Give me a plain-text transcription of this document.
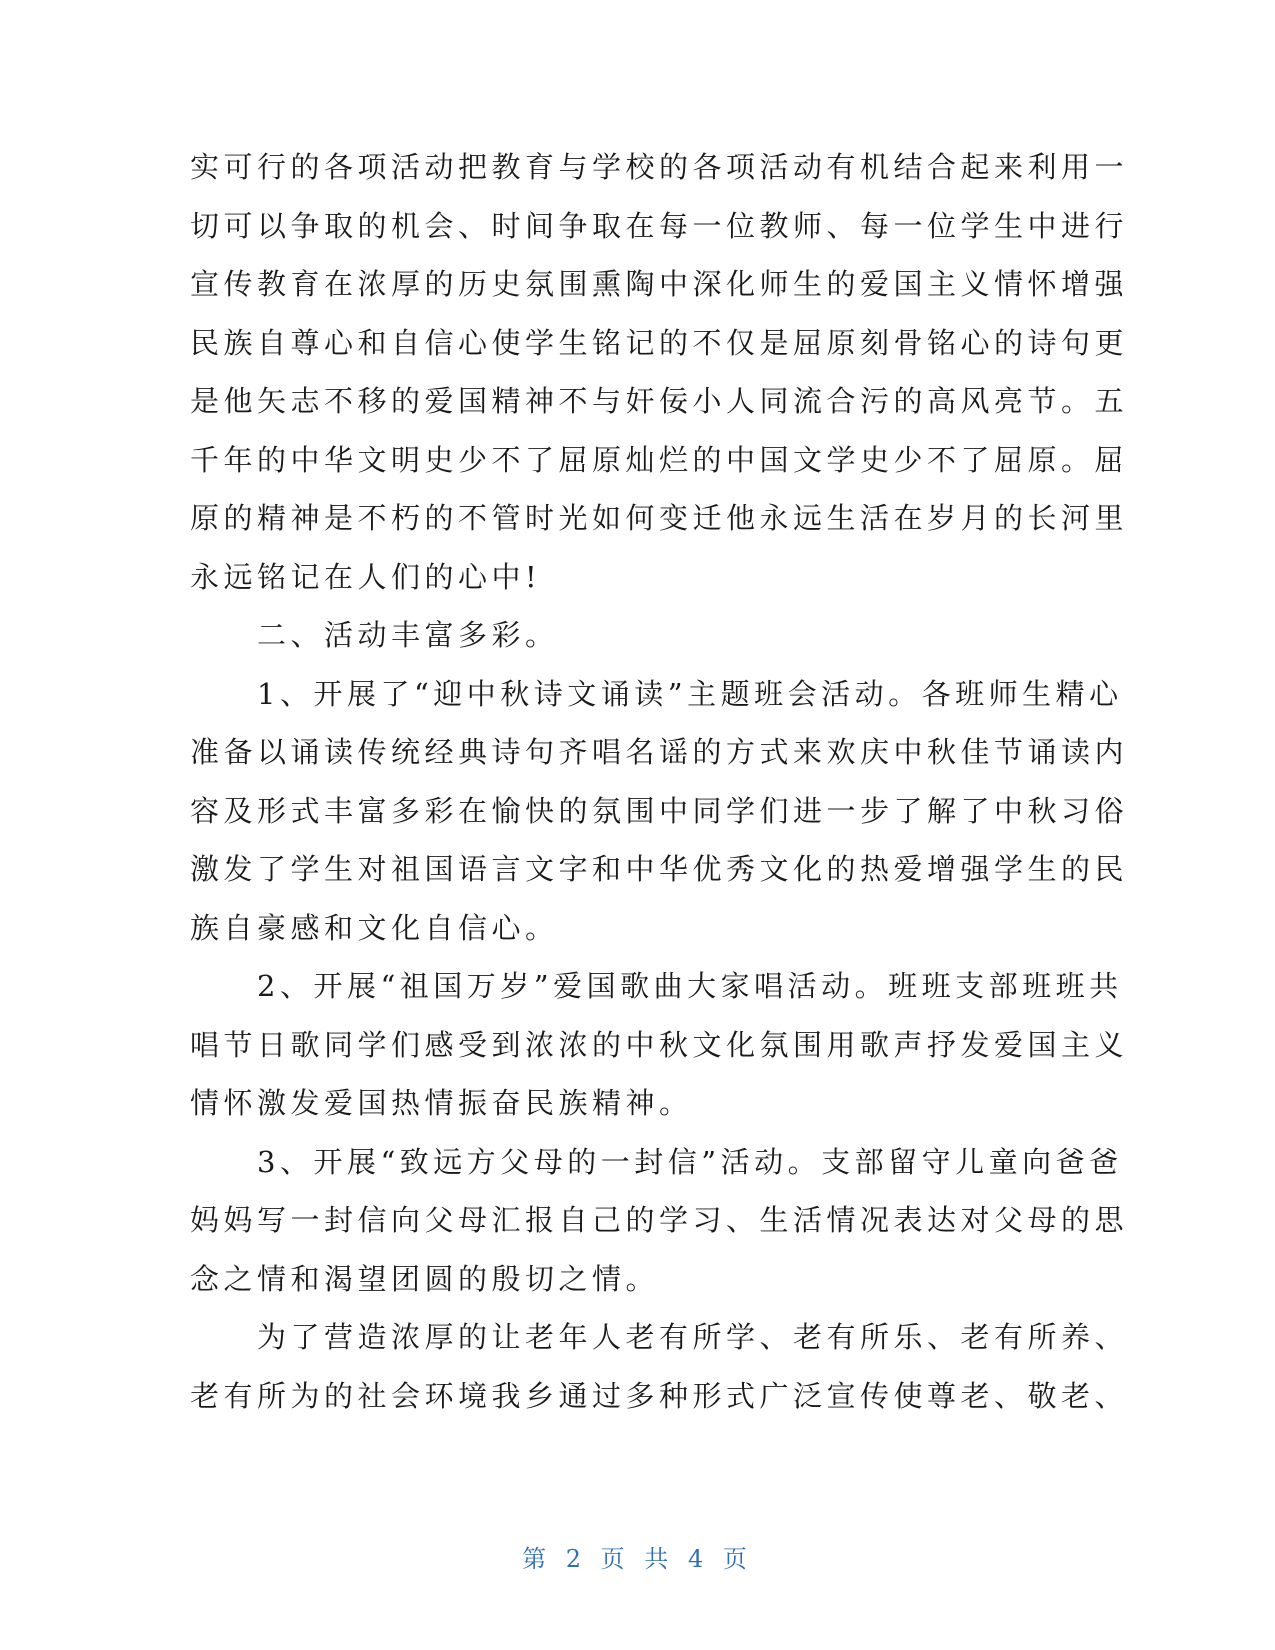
实可行的各项活动把教育与学校的各项活动有机结合起来利用一
切可以争取的机会、时间争取在每一位教师、每一位学生中进行
宣传教育在浓厚的历史氛围熏陶中深化师生的爱国主义情怀增强
民族自尊心和自信心使学生铭记的不仅是屈原刻骨铭心的诗句更
是他矢志不移的爱国精神不与奸佞小人同流合污的高风亮节。五
千年的中华文明史少不了屈原灿烂的中国文学史少不了屈原。屈
原的精神是不朽的不管时光如何变迁他永远生活在岁月的长河里
永远铭记在人们的心中!
　　二、活动丰富多彩。
　　1、开展了“迎中秋诗文诵读”主题班会活动。各班师生精心
准备以诵读传统经典诗句齐唱名谣的方式来欢庆中秋佳节诵读内
容及形式丰富多彩在愉快的氛围中同学们进一步了解了中秋习俗
激发了学生对祖国语言文字和中华优秀文化的热爱增强学生的民
族自豪感和文化自信心。
　　2、开展“祖国万岁”爱国歌曲大家唱活动。班班支部班班共
唱节日歌同学们感受到浓浓的中秋文化氛围用歌声抒发爱国主义
情怀激发爱国热情振奋民族精神。
　　3、开展“致远方父母的一封信”活动。支部留守儿童向爸爸
妈妈写一封信向父母汇报自己的学习、生活情况表达对父母的思
念之情和渴望团圆的殷切之情。
　　为了营造浓厚的让老年人老有所学、老有所乐、老有所养、
老有所为的社会环境我乡通过多种形式广泛宣传使尊老、敬老、
第 2 页 共 4 页
